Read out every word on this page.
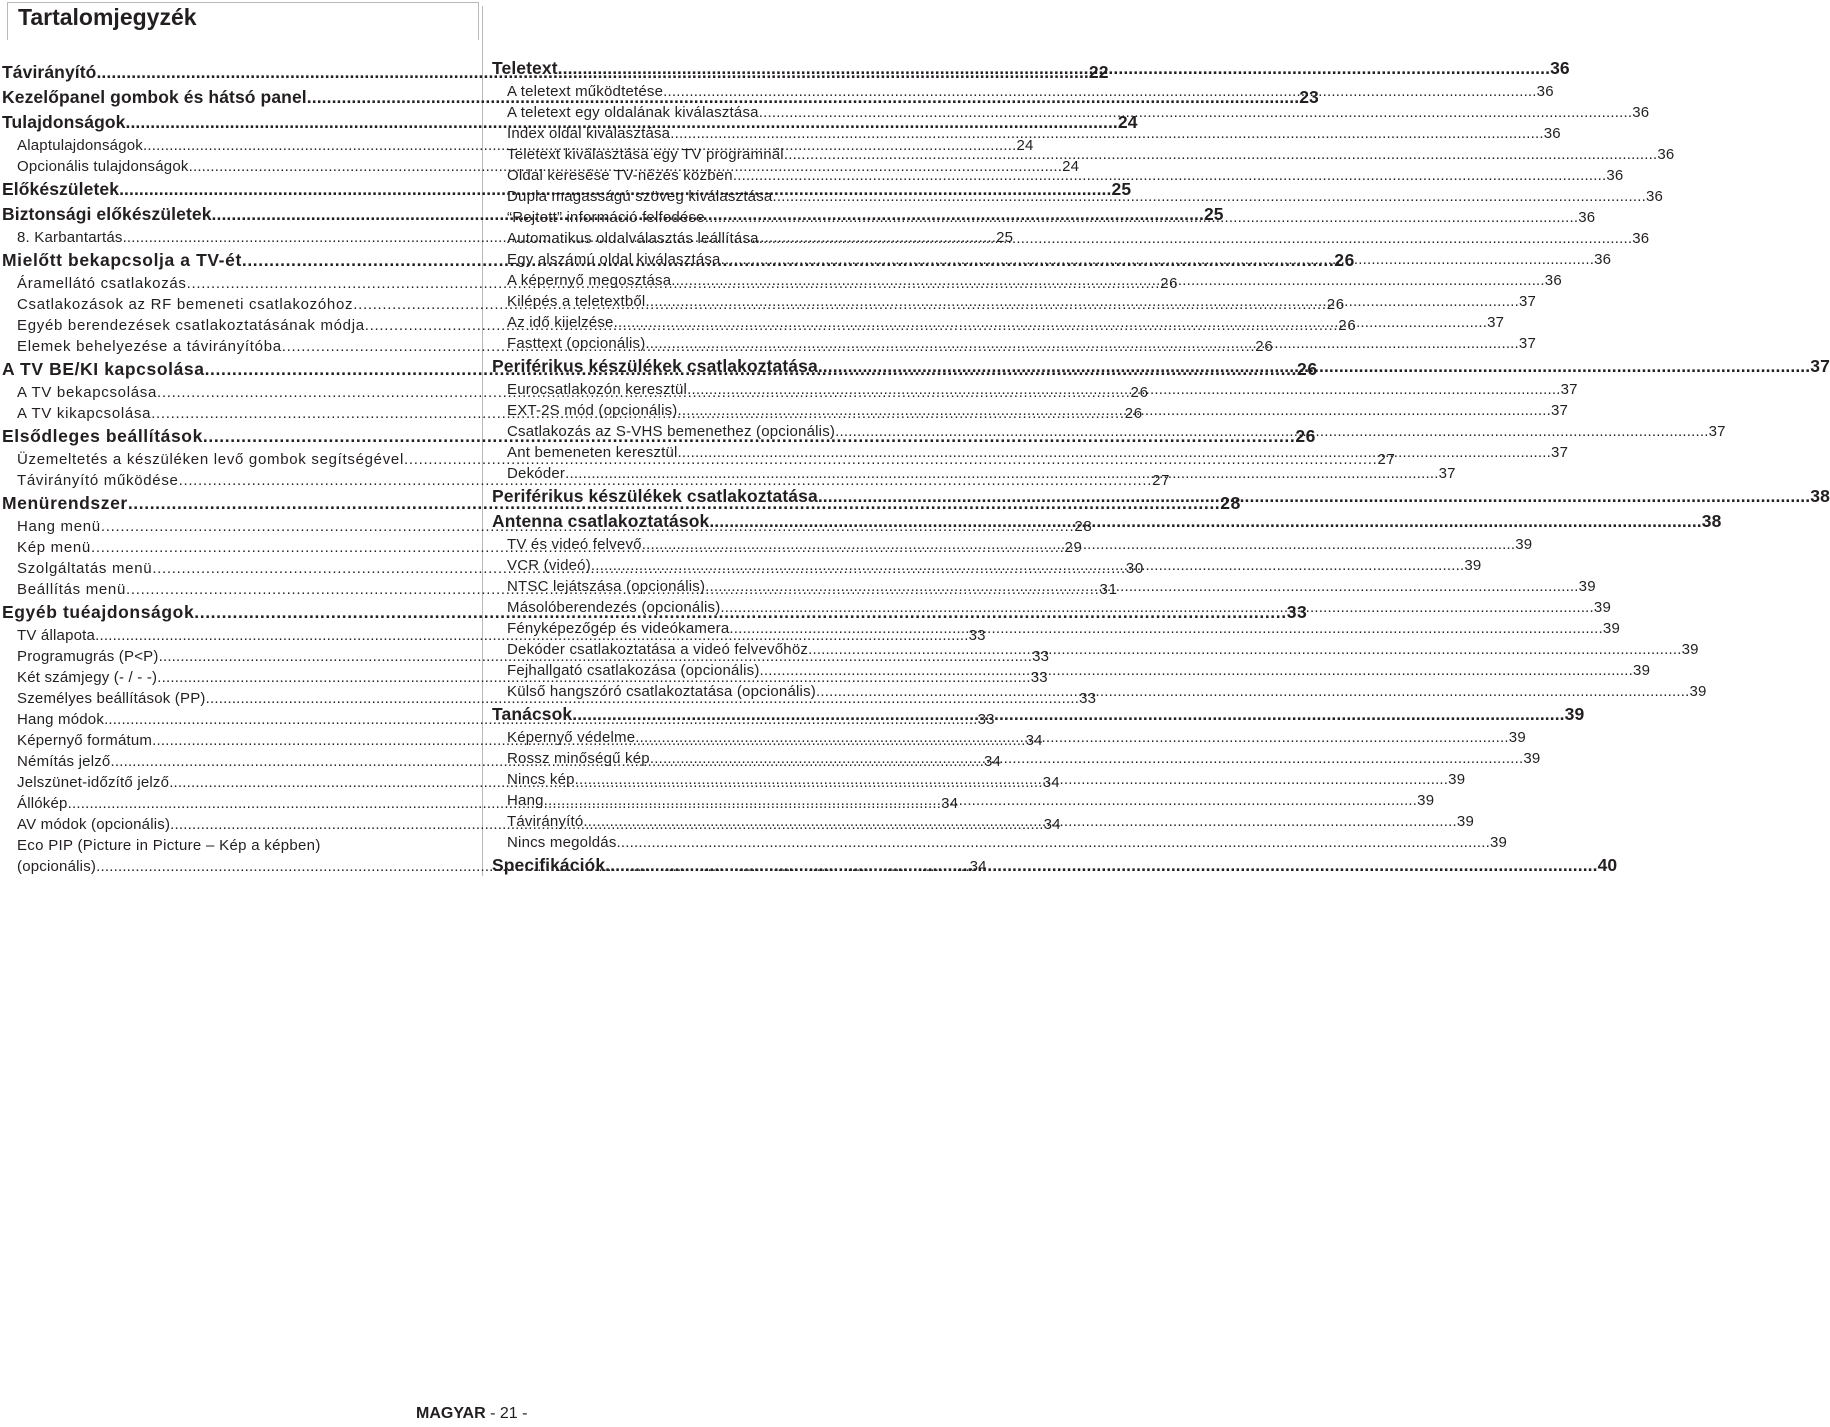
Tartalomjegyzék
Távirányító .....	22
Kezelőpanel gombok és hátsó panel .....	23
Tulajdonságok .....	24
Alaptulajdonságok .....	24
Opcionális tulajdonságok .....	24
Előkészületek .....	25
Biztonsági előkészületek .....	25
8. Karbantartás .....	25
Mielőtt bekapcsolja a TV-ét .....	26
Áramellátó csatlakozás .....	26
Csatlakozások az RF bemeneti csatlakozóhoz .....	26
Egyéb berendezések csatlakoztatásának módja .....	26
Elemek behelyezése a távirányítóba .....	26
A TV BE/KI kapcsolása .....	26
A TV bekapcsolása .....	26
A TV kikapcsolása .....	26
Elsődleges beállítások .....	26
Üzemeltetés a készüléken levő gombok segítségével .....	27
Távirányító működése .....	27
Menürendszer .....	28
Hang menü .....	28
Kép menü .....	29
Szolgáltatás menü .....	30
Beállítás menü .....	31
Egyéb tuéajdonságok .....	33
TV állapota .....	33
Programugrás (P<P) .....	33
Két számjegy (- / - -) .....	33
Személyes beállítások (PP) .....	33
Hang módok .....	33
Képernyő formátum .....	34
Némítás jelző .....	34
Jelszünet-időzítő jelző .....	34
Állókép .....	34
AV módok (opcionális) .....	34
Eco PIP (Picture in Picture – Kép a képben)
(opcionális) .....	34
Teletext .....	36
A teletext működtetése .....	36
A teletext egy oldalának kiválasztása .....	36
Index oldal kiválasztása .....	36
Teletext kiválasztása egy TV programnál .....	36
Oldal keresése TV-nézés közben .....	36
Dupla magasságú szöveg kiválasztása .....	36
“Rejtett” információ felfedése .....	36
Automatikus oldalválasztás leállítása .....	36
Egy alszámú oldal kiválasztása .....	36
A képernyő megosztása .....	36
Kilépés a teletextből .....	37
Az idő kijelzése .....	37
Fasttext (opcionális) .....	37
Periférikus készülékek csatlakoztatása .....	37
Eurocsatlakozón keresztül .....	37
EXT-2S mód (opcionális) .....	37
Csatlakozás az S-VHS bemenethez (opcionális) .....	37
Ant bemeneten keresztül .....	37
Dekóder .....	37
Periférikus készülékek csatlakoztatása .....	38
Antenna csatlakoztatások .....	38
TV és videó felvevő .....	39
VCR (videó) .....	39
NTSC lejátszása (opcionális) .....	39
Másolóberendezés (opcionális) .....	39
Fényképezőgép és videókamera .....	39
Dekóder csatlakoztatása a videó felvevőhöz .....	39
Fejhallgató csatlakozása (opcionális) .....	39
Külső hangszóró csatlakoztatása (opcionális) .....	39
Tanácsok .....	39
Képernyő védelme .....	39
Rossz minőségű kép .....	39
Nincs kép .....	39
Hang .....	39
Távirányító .....	39
Nincs megoldás .....	39
Specifikációk .....	40
MAGYAR - 21 -
